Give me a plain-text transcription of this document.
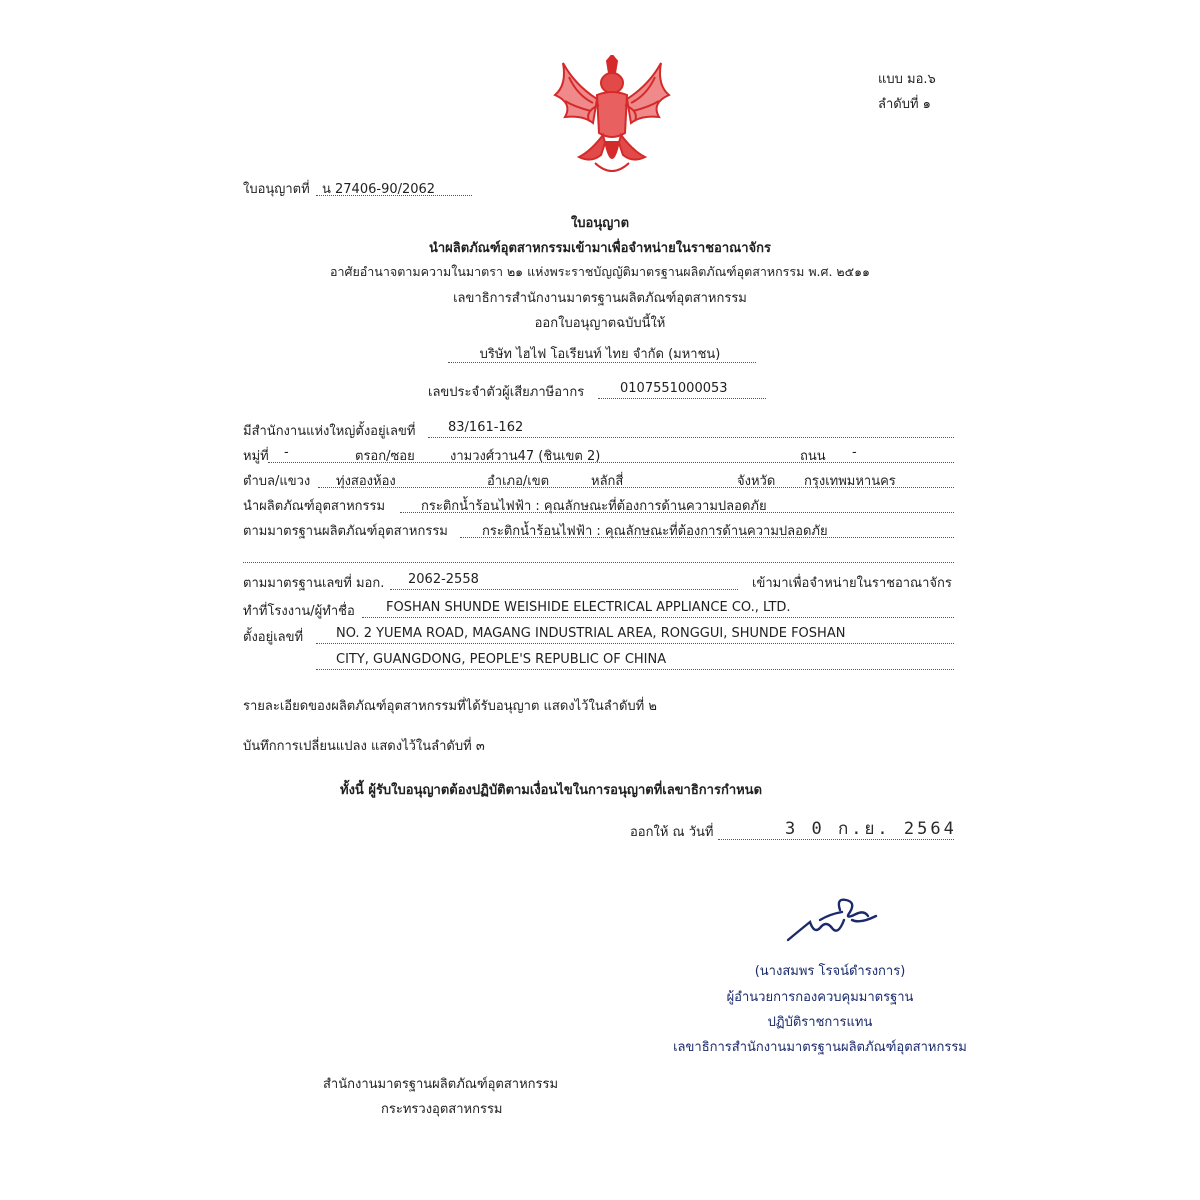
แบบ มอ.๖
ลำดับที่ ๑
ใบอนุญาตที่ น 27406-90/2062
ใบอนุญาต
นำผลิตภัณฑ์อุตสาหกรรมเข้ามาเพื่อจำหน่ายในราชอาณาจักร
อาศัยอำนาจตามความในมาตรา ๒๑ แห่งพระราชบัญญัติมาตรฐานผลิตภัณฑ์อุตสาหกรรม พ.ศ. ๒๕๑๑
เลขาธิการสำนักงานมาตรฐานผลิตภัณฑ์อุตสาหกรรม
ออกใบอนุญาตฉบับนี้ให้
บริษัท ไฮไฟ โอเรียนท์ ไทย จำกัด (มหาชน)
เลขประจำตัวผู้เสียภาษีอากร	0107551000053
มีสำนักงานแห่งใหญ่ตั้งอยู่เลขที่	83/161-162
หมู่ที่ -	ตรอก/ซอย	งามวงศ์วาน47 (ชินเขต 2)	ถนน -
ตำบล/แขวง ทุ่งสองห้อง	อำเภอ/เขต	หลักสี่	จังหวัด กรุงเทพมหานคร
นำผลิตภัณฑ์อุตสาหกรรม	กระติกน้ำร้อนไฟฟ้า : คุณลักษณะที่ต้องการด้านความปลอดภัย
ตามมาตรฐานผลิตภัณฑ์อุตสาหกรรม	กระติกน้ำร้อนไฟฟ้า : คุณลักษณะที่ต้องการด้านความปลอดภัย
ตามมาตรฐานเลขที่ มอก. 2062-2558	เข้ามาเพื่อจำหน่ายในราชอาณาจักร
ทำที่โรงงาน/ผู้ทำชื่อ FOSHAN SHUNDE WEISHIDE ELECTRICAL APPLIANCE CO., LTD.
ตั้งอยู่เลขที่	NO. 2 YUEMA ROAD, MAGANG INDUSTRIAL AREA, RONGGUI, SHUNDE FOSHAN
CITY, GUANGDONG, PEOPLE'S REPUBLIC OF CHINA
รายละเอียดของผลิตภัณฑ์อุตสาหกรรมที่ได้รับอนุญาต แสดงไว้ในลำดับที่ ๒
บันทึกการเปลี่ยนแปลง แสดงไว้ในลำดับที่ ๓
ทั้งนี้ ผู้รับใบอนุญาตต้องปฏิบัติตามเงื่อนไขในการอนุญาตที่เลขาธิการกำหนด
ออกให้ ณ วันที่	3 0 ก.ย. 2564
(นางสมพร โรจน์ดำรงการ)
ผู้อำนวยการกองควบคุมมาตรฐาน
ปฏิบัติราชการแทน
เลขาธิการสำนักงานมาตรฐานผลิตภัณฑ์อุตสาหกรรม
สำนักงานมาตรฐานผลิตภัณฑ์อุตสาหกรรม
กระทรวงอุตสาหกรรม
